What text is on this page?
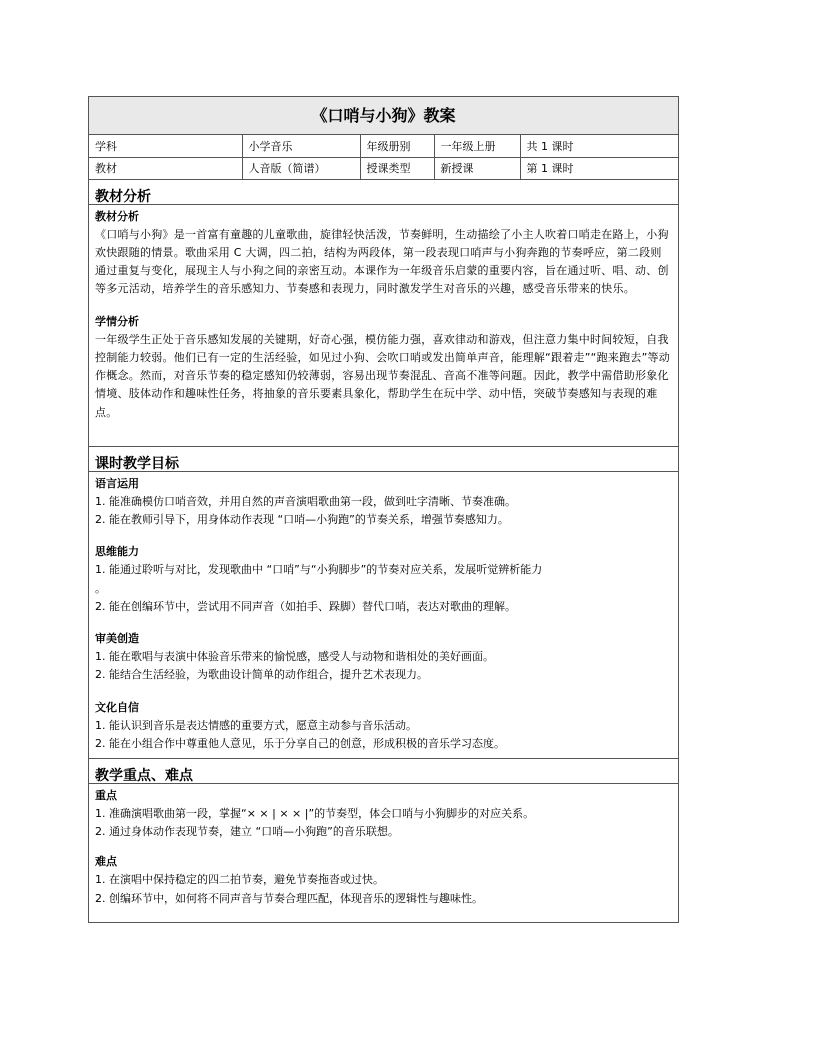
《口哨与小狗》教案
学科	小学音乐	年级册别	一年级上册	共 1 课时
教材	人音版（简谱）	授课类型	新授课	第 1 课时
教材分析
教材分析
《口哨与小狗》是一首富有童趣的儿童歌曲，旋律轻快活泼，节奏鲜明，生动描绘了小主人吹着口哨走在路上，小狗欢快跟随的情景。歌曲采用 C 大调，四二拍，结构为两段体，第一段表现口哨声与小狗奔跑的节奏呼应，第二段则通过重复与变化，展现主人与小狗之间的亲密互动。本课作为一年级音乐启蒙的重要内容，旨在通过听、唱、动、创等多元活动，培养学生的音乐感知力、节奏感和表现力，同时激发学生对音乐的兴趣，感受音乐带来的快乐。
学情分析
一年级学生正处于音乐感知发展的关键期，好奇心强，模仿能力强，喜欢律动和游戏，但注意力集中时间较短，自我控制能力较弱。他们已有一定的生活经验，如见过小狗、会吹口哨或发出简单声音，能理解“跟着走”“跑来跑去”等动作概念。然而，对音乐节奏的稳定感知仍较薄弱，容易出现节奏混乱、音高不准等问题。因此，教学中需借助形象化情境、肢体动作和趣味性任务，将抽象的音乐要素具象化，帮助学生在玩中学、动中悟，突破节奏感知与表现的难点。
课时教学目标
语言运用
1. 能准确模仿口哨音效，并用自然的声音演唱歌曲第一段，做到吐字清晰、节奏准确。
2. 能在教师引导下，用身体动作表现 “口哨—小狗跑”的节奏关系，增强节奏感知力。
思维能力
1. 能通过聆听与对比，发现歌曲中 “口哨”与“小狗脚步”的节奏对应关系，发展听觉辨析能力
。
2. 能在创编环节中，尝试用不同声音（如拍手、跺脚）替代口哨，表达对歌曲的理解。
审美创造
1. 能在歌唱与表演中体验音乐带来的愉悦感，感受人与动物和谐相处的美好画面。
2. 能结合生活经验，为歌曲设计简单的动作组合，提升艺术表现力。
文化自信
1. 能认识到音乐是表达情感的重要方式，愿意主动参与音乐活动。
2. 能在小组合作中尊重他人意见，乐于分享自己的创意，形成积极的音乐学习态度。
教学重点、难点
重点
1. 准确演唱歌曲第一段，掌握“× × | × × |”的节奏型，体会口哨与小狗脚步的对应关系。
2. 通过身体动作表现节奏，建立 “口哨—小狗跑”的音乐联想。
难点
1. 在演唱中保持稳定的四二拍节奏，避免节奏拖沓或过快。
2. 创编环节中，如何将不同声音与节奏合理匹配，体现音乐的逻辑性与趣味性。
